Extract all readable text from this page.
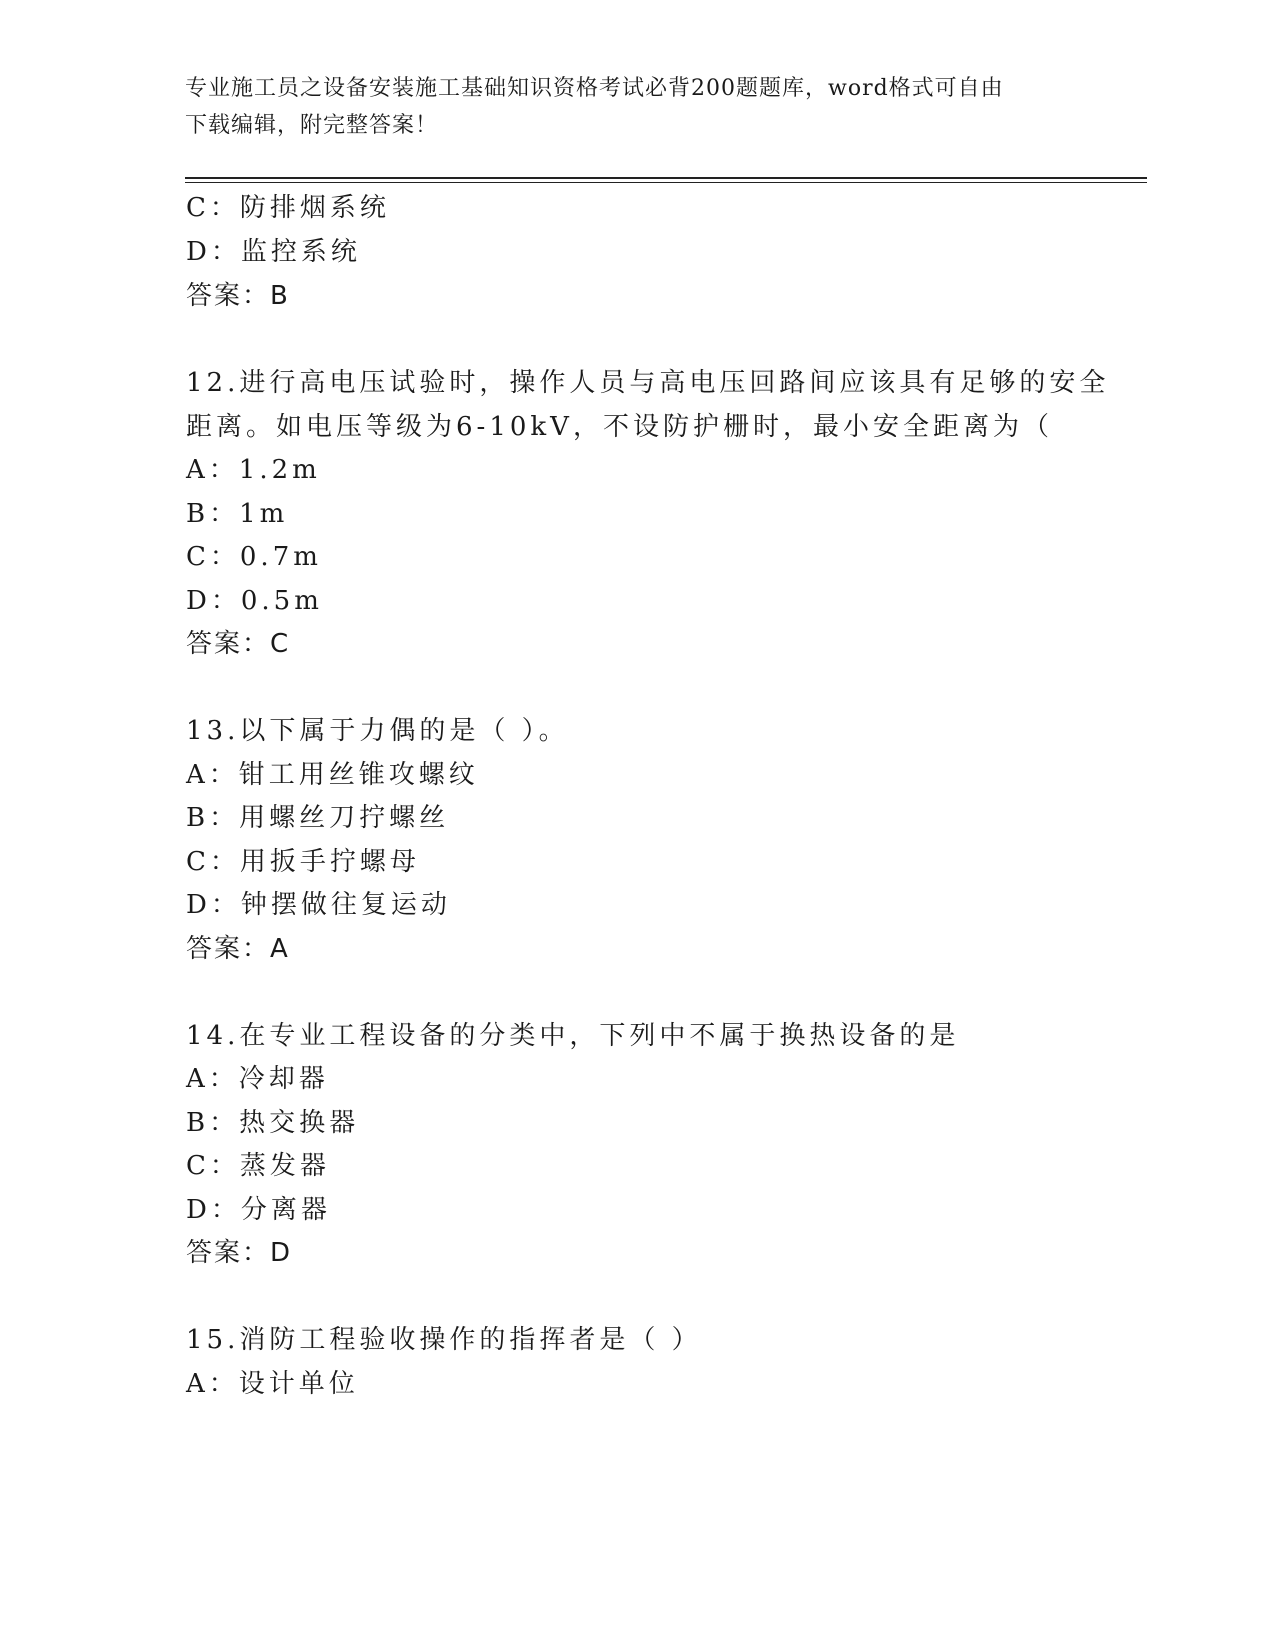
专业施工员之设备安装施工基础知识资格考试必背200题题库，word格式可自由
下载编辑，附完整答案！
C：防排烟系统
D：监控系统
答案：B
12.进行高电压试验时，操作人员与高电压回路间应该具有足够的安全
距离。如电压等级为6-10kV，不设防护栅时，最小安全距离为（
A：1.2m
B：1m
C：0.7m
D：0.5m
答案：C
13.以下属于力偶的是（ ）。
A：钳工用丝锥攻螺纹
B：用螺丝刀拧螺丝
C：用扳手拧螺母
D：钟摆做往复运动
答案：A
14.在专业工程设备的分类中，下列中不属于换热设备的是
A：冷却器
B：热交换器
C：蒸发器
D：分离器
答案：D
15.消防工程验收操作的指挥者是（ ）
A：设计单位
